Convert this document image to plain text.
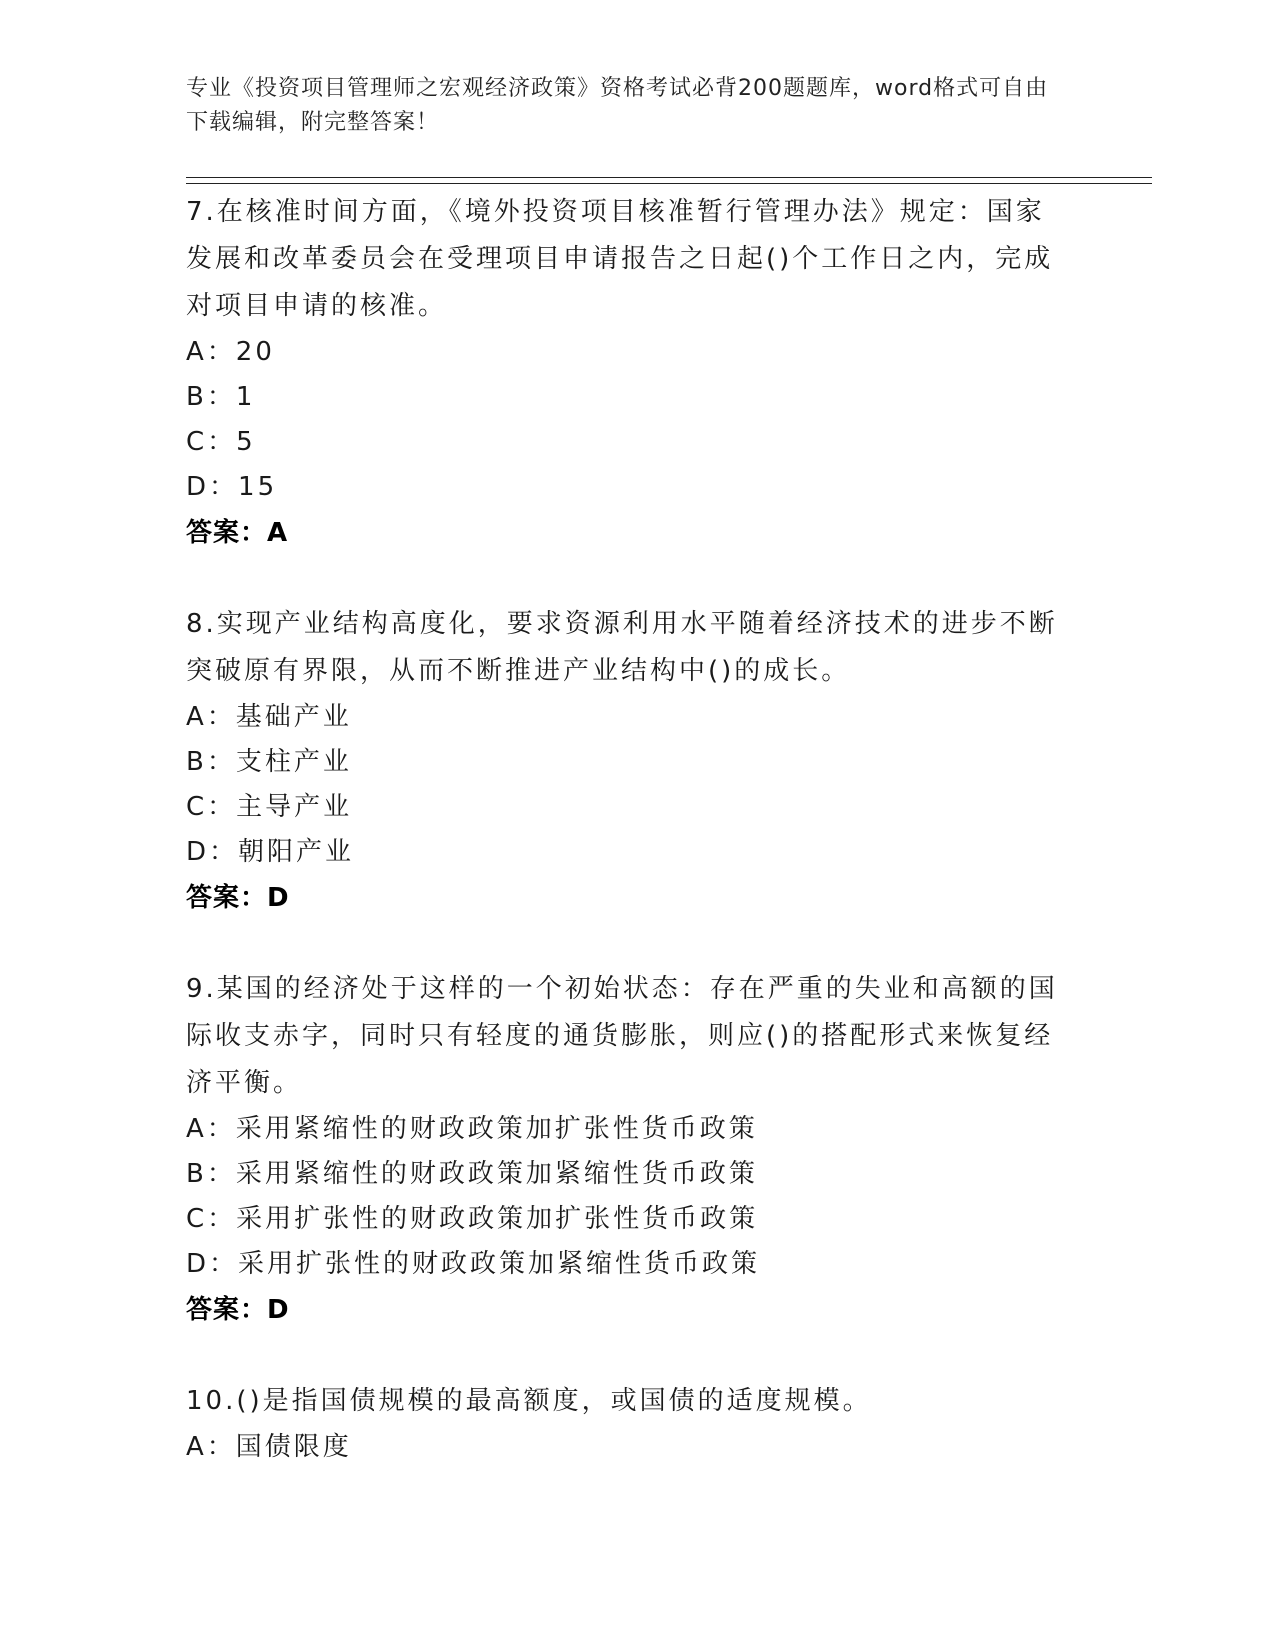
专业《投资项目管理师之宏观经济政策》资格考试必背200题题库，word格式可自由下载编辑，附完整答案！

7.在核准时间方面，《境外投资项目核准暂行管理办法》规定：国家发展和改革委员会在受理项目申请报告之日起()个工作日之内，完成对项目申请的核准。

A：20

B：1

C：5

D：15

答案：A

8.实现产业结构高度化，要求资源利用水平随着经济技术的进步不断突破原有界限，从而不断推进产业结构中()的成长。

A：基础产业

B：支柱产业

C：主导产业

D：朝阳产业

答案：D

9.某国的经济处于这样的一个初始状态：存在严重的失业和高额的国际收支赤字，同时只有轻度的通货膨胀，则应()的搭配形式来恢复经济平衡。

A：采用紧缩性的财政政策加扩张性货币政策

B：采用紧缩性的财政政策加紧缩性货币政策

C：采用扩张性的财政政策加扩张性货币政策

D：采用扩张性的财政政策加紧缩性货币政策

答案：D

10.()是指国债规模的最高额度，或国债的适度规模。

A：国债限度
